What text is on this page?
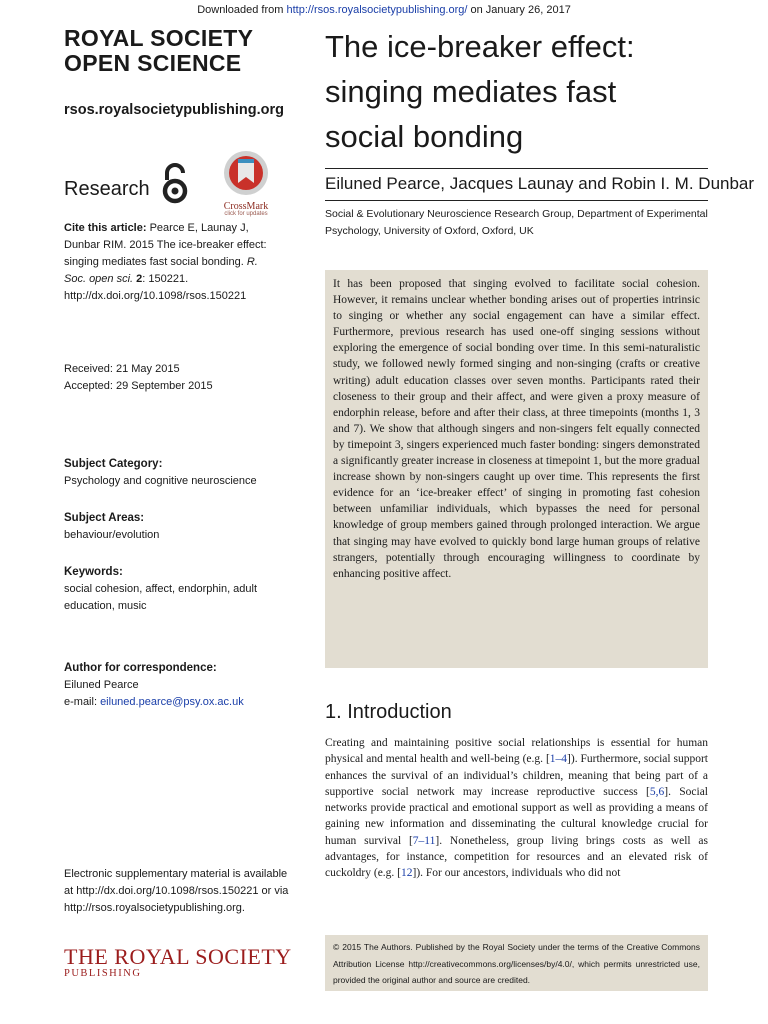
Downloaded from http://rsos.royalsocietypublishing.org/ on January 26, 2017
ROYAL SOCIETY
OPEN SCIENCE
rsos.royalsocietypublishing.org
Research
CrossMark
click for updates
Cite this article: Pearce E, Launay J, Dunbar RIM. 2015 The ice-breaker effect: singing mediates fast social bonding. R. Soc. open sci. 2: 150221.
http://dx.doi.org/10.1098/rsos.150221
Received: 21 May 2015
Accepted: 29 September 2015
Subject Category:
Psychology and cognitive neuroscience
Subject Areas:
behaviour/evolution
Keywords:
social cohesion, affect, endorphin, adult education, music
Author for correspondence:
Eiluned Pearce
e-mail: eiluned.pearce@psy.ox.ac.uk
Electronic supplementary material is available at http://dx.doi.org/10.1098/rsos.150221 or via http://rsos.royalsocietypublishing.org.
THE ROYAL SOCIETY
PUBLISHING
The ice-breaker effect:
singing mediates fast
social bonding
Eiluned Pearce, Jacques Launay and Robin I. M. Dunbar
Social & Evolutionary Neuroscience Research Group, Department of Experimental Psychology, University of Oxford, Oxford, UK

It has been proposed that singing evolved to facilitate social cohesion. However, it remains unclear whether bonding arises out of properties intrinsic to singing or whether any social engagement can have a similar effect. Furthermore, previous research has used one-off singing sessions without exploring the emergence of social bonding over time. In this semi-naturalistic study, we followed newly formed singing and non-singing (crafts or creative writing) adult education classes over seven months. Participants rated their closeness to their group and their affect, and were given a proxy measure of endorphin release, before and after their class, at three timepoints (months 1, 3 and 7). We show that although singers and non-singers felt equally connected by timepoint 3, singers experienced much faster bonding: singers demonstrated a significantly greater increase in closeness at timepoint 1, but the more gradual increase shown by non-singers caught up over time. This represents the first evidence for an ‘ice-breaker effect’ of singing in promoting fast cohesion between unfamiliar individuals, which bypasses the need for personal knowledge of group members gained through prolonged interaction. We argue that singing may have evolved to quickly bond large human groups of relative strangers, potentially through encouraging willingness to coordinate by enhancing positive affect.

1. Introduction

Creating and maintaining positive social relationships is essential for human physical and mental health and well-being (e.g. [1–4]). Furthermore, social support enhances the survival of an individual’s children, meaning that being part of a supportive social network may increase reproductive success [5,6]. Social networks provide practical and emotional support as well as providing a means of gaining new information and disseminating the cultural knowledge crucial for human survival [7–11]. Nonetheless, group living brings costs as well as advantages, for instance, competition for resources and an elevated risk of cuckoldry (e.g. [12]). For our ancestors, individuals who did not

© 2015 The Authors. Published by the Royal Society under the terms of the Creative Commons Attribution License http://creativecommons.org/licenses/by/4.0/, which permits unrestricted use, provided the original author and source are credited.
